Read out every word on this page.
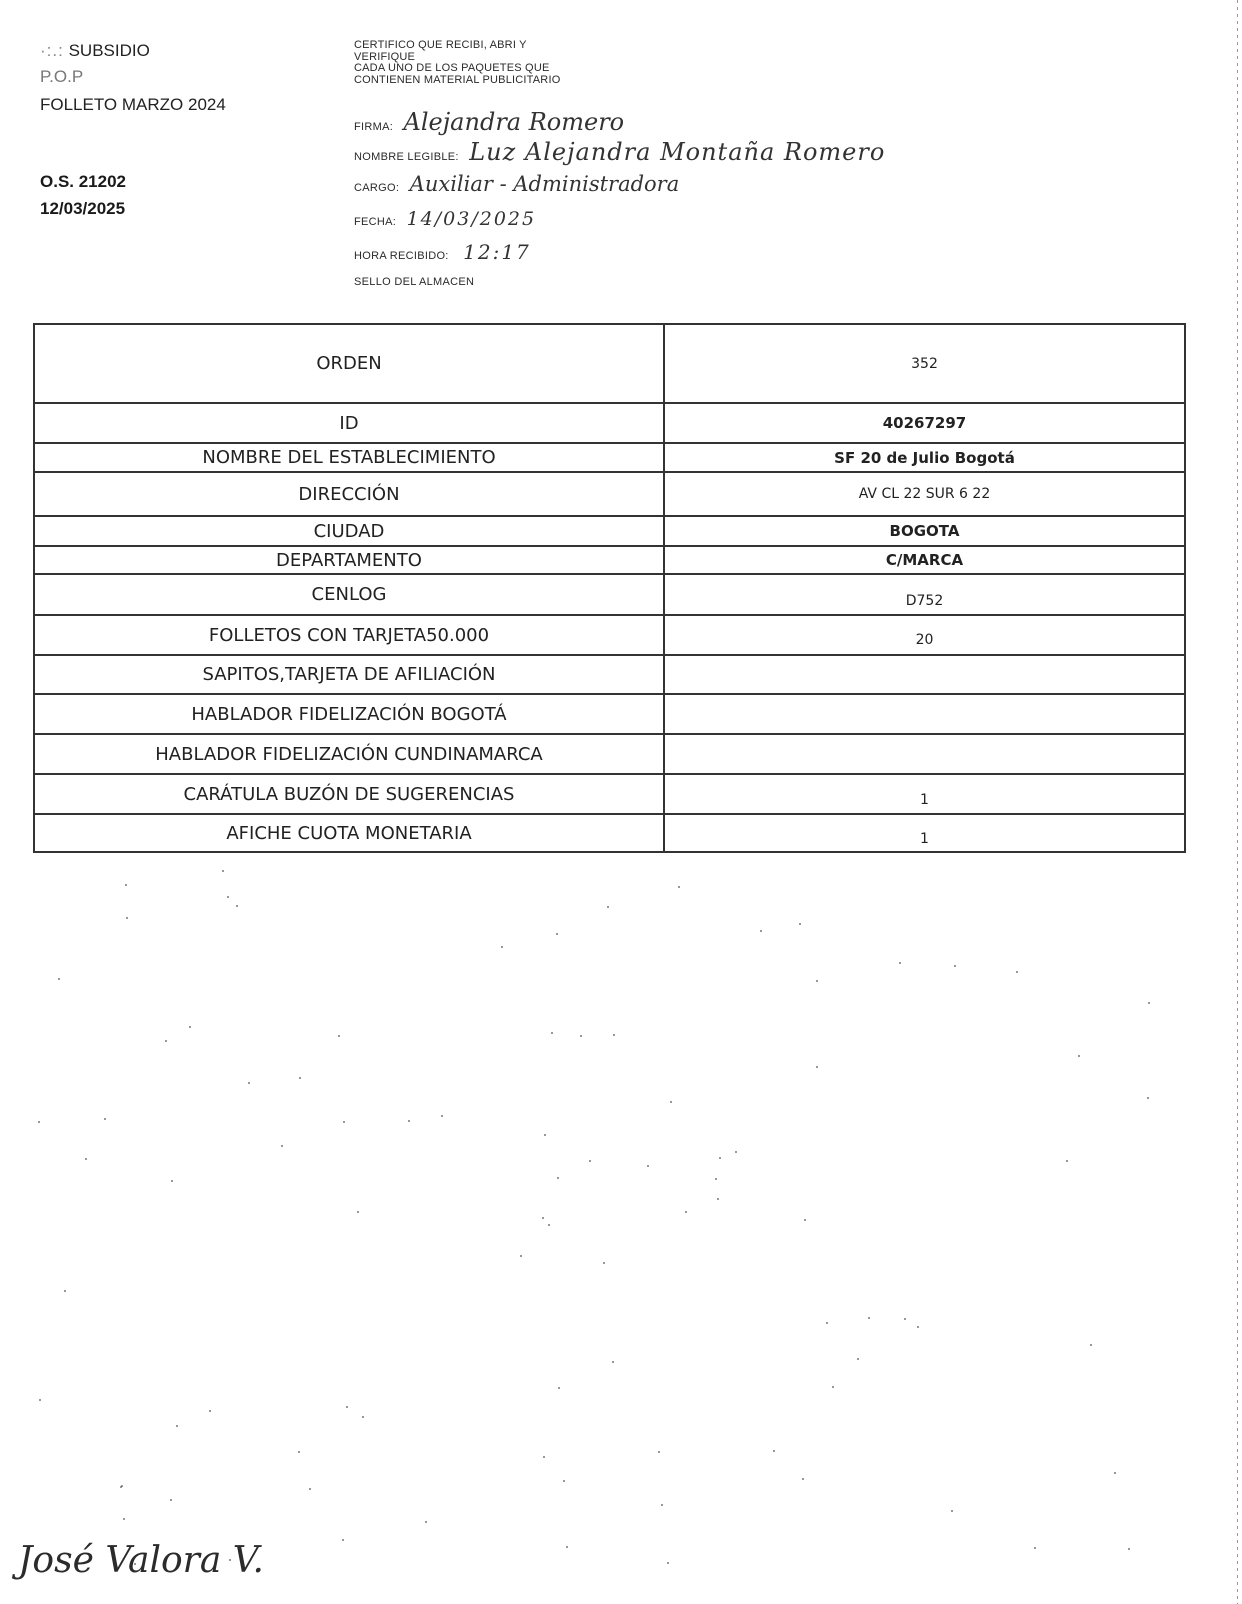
·:.: SUBSIDIO
P.O.P
FOLLETO MARZO 2024
O.S. 21202
12/03/2025
CERTIFICO QUE RECIBI, ABRI Y
VERIFIQUE
CADA UNO DE LOS PAQUETES QUE
CONTIENEN MATERIAL PUBLICITARIO
FIRMA: Alejandra Romero
NOMBRE LEGIBLE: Luz Alejandra Montaña Romero
CARGO: Auxiliar - Administradora
FECHA: 14/03/2025
HORA RECIBIDO: 12:17
SELLO DEL ALMACEN
ORDEN	352
ID	40267297
NOMBRE DEL ESTABLECIMIENTO	SF 20 de Julio Bogotá
DIRECCIÓN	AV CL 22 SUR 6 22
CIUDAD	BOGOTA
DEPARTAMENTO	C/MARCA
CENLOG	D752
FOLLETOS CON TARJETA50.000	20
SAPITOS,TARJETA DE AFILIACIÓN	
HABLADOR FIDELIZACIÓN BOGOTÁ	
HABLADOR FIDELIZACIÓN CUNDINAMARCA	
CARÁTULA BUZÓN DE SUGERENCIAS	1
AFICHE CUOTA MONETARIA	1
José Valora V.
